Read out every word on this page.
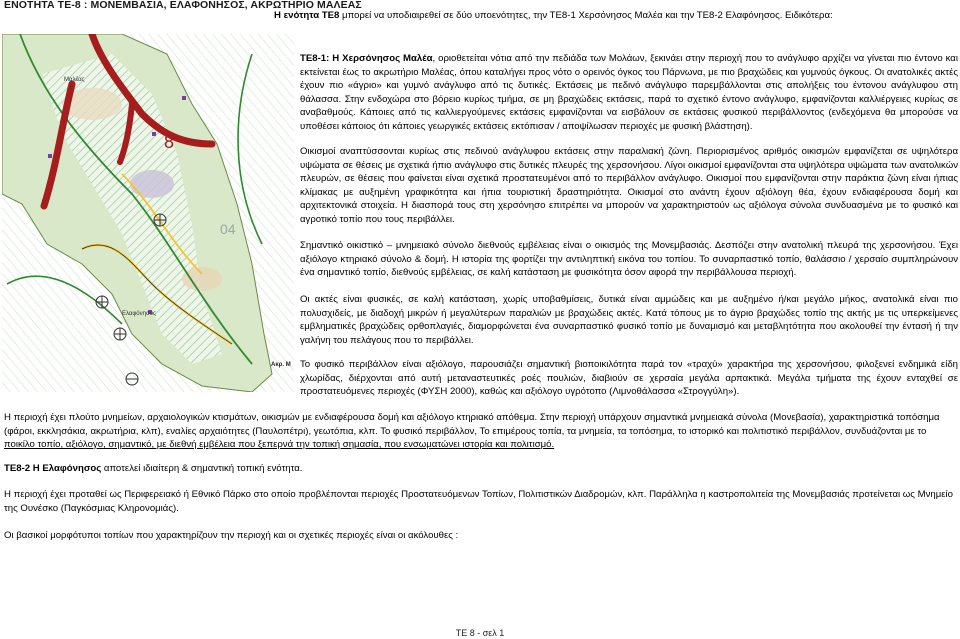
ΕΝΟΤΗΤΑ ΤΕ-8 : ΜΟΝΕΜΒΑΣΙΑ, ΕΛΑΦΟΝΗΣΟΣ, ΑΚΡΩΤΗΡΙΟ ΜΑΛΕΑΣ

Η ενότητα ΤΕ8 μπορεί να υποδιαιρεθεί σε δύο υποενότητες, την ΤΕ8-1 Χερσόνησος Μαλέα και την ΤΕ8-2 Ελαφόνησος. Ειδικότερα:

8
04
Μαλέας
Ελαφόνησος
Ακρ. Μ

ΤΕ8-1: Η Χερσόνησος Μαλέα, οριοθετείται νότια από την πεδιάδα των Μολάων, ξεκινάει στην περιοχή που το ανάγλυφο αρχίζει να γίνεται πιο έντονο και εκτείνεται έως το ακρωτήριο Μαλέας, όπου καταλήγει προς νότο ο ορεινός όγκος του Πάρνωνα, με πιο βραχώδεις και γυμνούς όγκους. Οι ανατολικές ακτές έχουν πιο «άγριο» και γυμνό ανάγλυφο από τις δυτικές. Εκτάσεις με πεδινό ανάγλυφο παρεμβάλλονται στις απολήξεις του έντονου ανάγλυφου στη θάλασσα. Στην ενδοχώρα στο βόρειο κυρίως τμήμα, σε μη βραχώδεις εκτάσεις, παρά το σχετικό έντονο ανάγλυφο, εμφανίζονται καλλιέργειες κυρίως σε αναβαθμούς. Κάποιες από τις καλλιεργούμενες εκτάσεις εμφανίζονται να εισβάλουν σε εκτάσεις φυσικού περιβάλλοντος (ενδεχόμενα θα μπορούσε να υποθέσει κάποιος ότι κάποιες γεωργικές εκτάσεις εκτόπισαν / αποψίλωσαν περιοχές με φυσική βλάστηση).

Οικισμοί αναπτύσσονται κυρίως στις πεδινού ανάγλυφου εκτάσεις στην παραλιακή ζώνη. Περιορισμένος αριθμός οικισμών εμφανίζεται σε υψηλότερα υψώματα σε θέσεις με σχετικά ήπιο ανάγλυφο στις δυτικές πλευρές της χερσονήσου. Λίγοι οικισμοί εμφανίζονται στα υψηλότερα υψώματα των ανατολικών πλευρών, σε θέσεις που φαίνεται είναι σχετικά προστατευμένοι από το περιβάλλον ανάγλυφο. Οικισμοί που εμφανίζονται στην παράκτια ζώνη είναι ήπιας κλίμακας με αυξημένη γραφικότητα και ήπια τουριστική δραστηριότητα. Οικισμοί στο ανάντη έχουν αξιόλογη θέα, έχουν ενδιαφέρουσα δομή και αρχιτεκτονικά στοιχεία. Η διασπορά τους στη χερσόνησο επιτρέπει να μπορούν να χαρακτηριστούν ως αξιόλογα σύνολα συνδυασμένα με το φυσικό και αγροτικό τοπίο που τους περιβάλλει.

Σημαντικό οικιστικό – μνημειακό σύνολο διεθνούς εμβέλειας είναι ο οικισμός της Μονεμβασιάς. Δεσπόζει στην ανατολική πλευρά της χερσονήσου. Έχει αξιόλογο κτηριακό σύνολο & δομή. Η ιστορία της φορτίζει την αντιληπτική εικόνα του τοπίου. Το συναρπαστικό τοπίο, θαλάσσιο / χερσαίο συμπληρώνουν ένα σημαντικό τοπίο, διεθνούς εμβέλειας, σε καλή κατάσταση με φυσικότητα όσον αφορά την περιβάλλουσα περιοχή.

Οι ακτές είναι φυσικές, σε καλή κατάσταση, χωρίς υποβαθμίσεις, δυτικά είναι αμμώδεις και με αυξημένο ή/και μεγάλο μήκος, ανατολικά είναι πιο πολυσχιδείς, με διαδοχή μικρών ή μεγαλύτερων παραλιών με βραχώδεις ακτές. Κατά τόπους με το άγριο βραχώδες τοπίο της ακτής με τις υπερκείμενες εμβληματικές βραχώδεις ορθοπλαγιές, διαμορφώνεται ένα συναρπαστικό φυσικό τοπίο με δυναμισμό και μεταβλητότητα που ακολουθεί την έντασή ή την γαλήνη του πελάγους που το περιβάλλει.

Το φυσικό περιβάλλον είναι αξιόλογο, παρουσιάζει σημαντική βιοποικιλότητα παρά τον «τραχύ» χαρακτήρα της χερσονήσου, φιλοξενεί ενδημικά είδη χλωρίδας, διέρχονται από αυτή μεταναστευτικές ροές πουλιών, διαβιούν σε χερσαία μεγάλα αρπακτικά. Μεγάλα τμήματα της έχουν ενταχθεί σε προστατευόμενες περιοχές (ΦΥΣΗ 2000), καθώς και αξιόλογο υγρότοπο (Λιμνοθάλασσα «Στρογγύλη»).

Η περιοχή έχει πλούτο μνημείων, αρχαιολογικών κτισμάτων, οικισμών με ενδιαφέρουσα δομή και αξιόλογο κτηριακό απόθεμα. Στην περιοχή υπάρχουν σημαντικά μνημειακά σύνολα (Μονεβασία), χαρακτηριστικά τοπόσημα (φάροι, εκκλησάκια, ακρωτήρια, κλπ), εναλίες αρχαιότητες (Παυλοπέτρι), γεωτόπια, κλπ. Το φυσικό περιβάλλον, Το επιμέρους τοπία, τα μνημεία, τα τοπόσημα, το ιστορικό και πολιτιστικό περιβάλλον, συνδυάζονται με το ποικίλο τοπίο, αξιόλογο, σημαντικό, με διεθνή εμβέλεια που ξεπερνά την τοπική σημασία, που ενσωματώνει ιστορία και πολιτισμό.

ΤΕ8-2 Η Ελαφόνησος αποτελεί ιδιαίτερη & σημαντική τοπική ενότητα.

Η περιοχή έχει προταθεί ως Περιφερειακό ή Εθνικό Πάρκο στο οποίο προβλέπονται περιοχές Προστατευόμενων Τοπίων, Πολιτιστικών Διαδρομών, κλπ. Παράλληλα η καστροπολιτεία της Μονεμβασιάς προτείνεται ως Μνημείο της Ουνέσκο (Παγκόσμιας Κληρονομιάς).

Οι βασικοί μορφότυποι τοπίων που χαρακτηρίζουν την περιοχή και οι σχετικές περιοχές είναι οι ακόλουθες :

ΤΕ 8 - σελ 1
